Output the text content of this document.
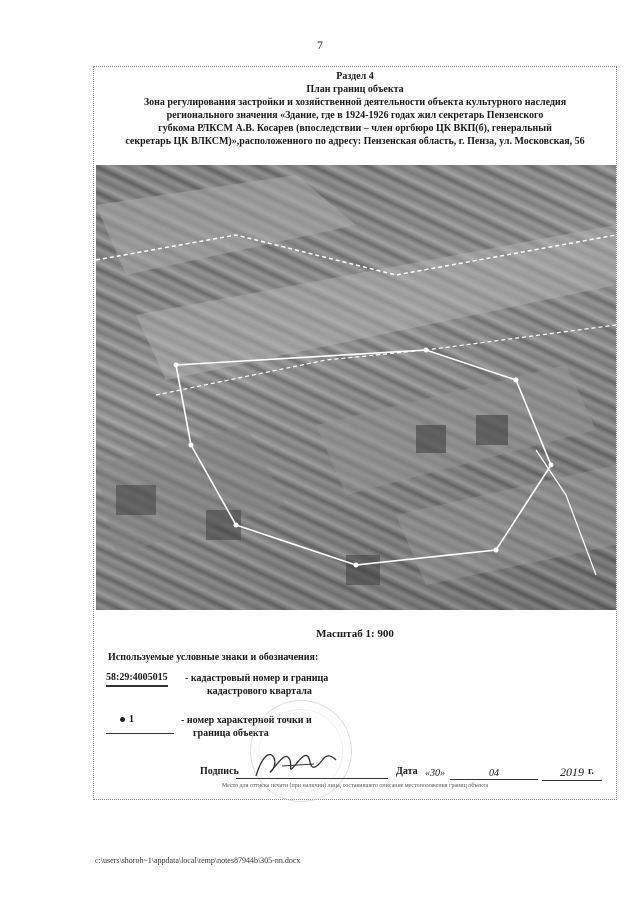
7
Раздел 4
План границ объекта
Зона регулирования застройки и хозяйственной деятельности объекта культурного наследия
регионального значения «Здание, где в 1924-1926 годах жил секретарь Пензенского
губкома РЛКСМ А.В. Косарев (впоследствии – член оргбюро ЦК ВКП(б), генеральный
секретарь ЦК ВЛКСМ)»,расположенного по адресу: Пензенская область, г. Пенза, ул. Московская, 56
Масштаб 1: 900
Используемые условные знаки и обозначения:
58:29:4005015 - кадастровый номер и граница
кадастрового квартала
1	- номер характерной точки и
граница объекта
Подпись	Дата «30»	04	2019 г.
Место для оттиска печати (при наличии) лица, составившего описание местоположения границ объекта
c:\users\shoroh~1\appdata\local\temp\notes87944b\305-nn.docx
